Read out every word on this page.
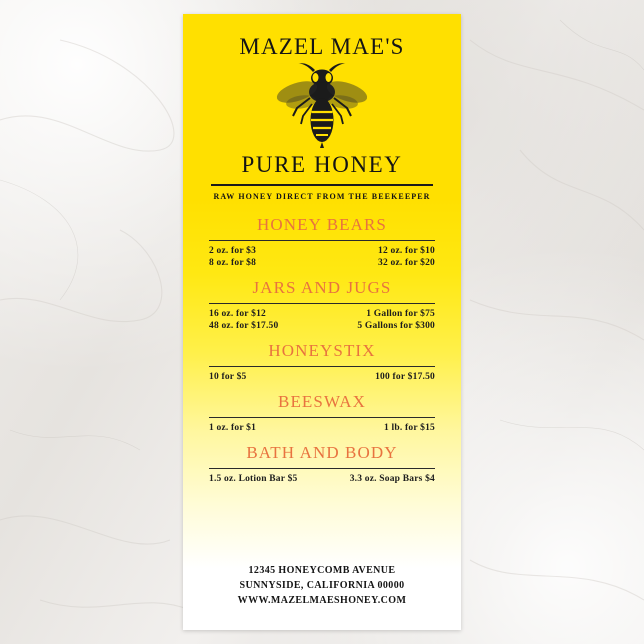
MAZEL MAE'S
PURE HONEY
RAW HONEY DIRECT FROM THE BEEKEEPER
HONEY BEARS
2 oz. for $3	12 oz. for $10
8 oz. for $8	32 oz. for $20
JARS AND JUGS
16 oz. for $12	1 Gallon for $75
48 oz. for $17.50	5 Gallons for $300
HONEYSTIX
10 for $5	100 for $17.50
BEESWAX
1 oz. for $1	1 lb. for $15
BATH AND BODY
1.5 oz. Lotion Bar $5	3.3 oz. Soap Bars $4
12345 HONEYCOMB AVENUE
SUNNYSIDE, CALIFORNIA 00000
WWW.MAZELMAESHONEY.COM
